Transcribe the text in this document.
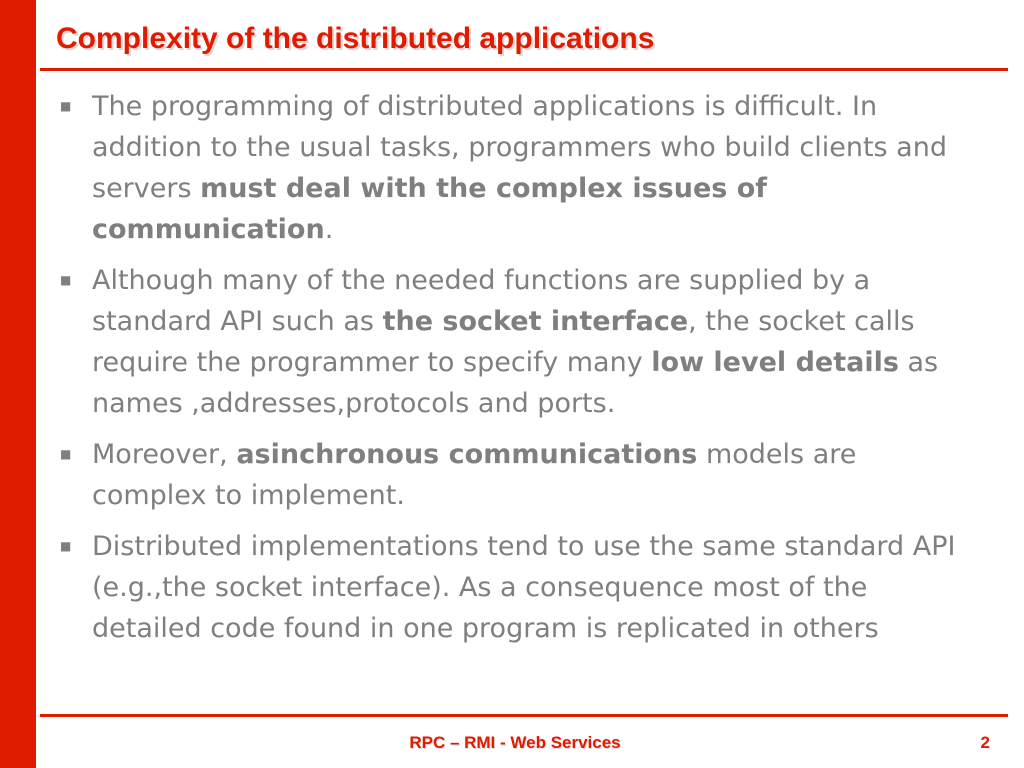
Complexity of the distributed applications
■ The programming of distributed applications is difficult. In addition to the usual tasks, programmers who build clients and servers must deal with the complex issues of communication.
■ Although many of the needed functions are supplied by a standard API such as the socket interface, the socket calls require the programmer to specify many low level details as names ,addresses,protocols and ports.
■ Moreover, asinchronous communications models are complex to implement.
■ Distributed implementations tend to use the same standard API (e.g.,the socket interface). As a consequence most of the detailed code found in one program is replicated in others
RPC – RMI - Web Services	2
